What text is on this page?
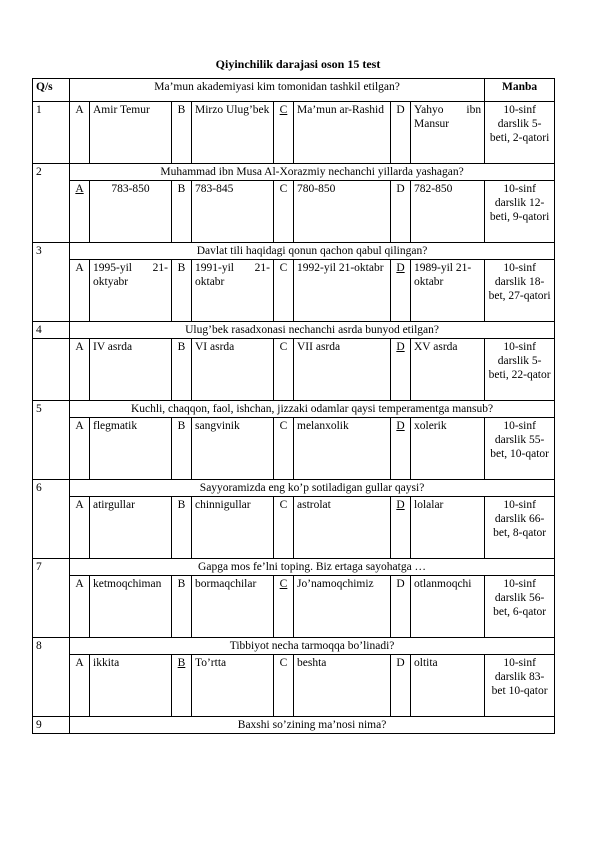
Qiyinchilik darajasi oson 15 test
Q/s	Ma’mun akademiyasi kim tomonidan tashkil etilgan?								Manba
1	A	Amir Temur	B	Mirzo Ulug’bek	C	Ma’mun ar-Rashid	D	Yahyo ibn Mansur	10-sinf darslik 5-beti, 2-qatori
2	Muhammad ibn Musa Al-Xorazmiy nechanchi yillarda yashagan?								
	A	783-850	B	783-845	C	780-850	D	782-850	10-sinf darslik 12-beti, 9-qatori
3	Davlat tili haqidagi qonun qachon qabul qilingan?								
	A	1995-yil 21-oktyabr	B	1991-yil 21-oktabr	C	1992-yil 21-oktabr	D	1989-yil 21-oktabr	10-sinf darslik 18-bet, 27-qatori
4	Ulug’bek rasadxonasi nechanchi asrda bunyod etilgan?								
	A	IV asrda	B	VI asrda	C	VII asrda	D	XV asrda	10-sinf darslik 5-beti, 22-qator
5	Kuchli, chaqqon, faol, ishchan, jizzaki odamlar qaysi temperamentga mansub?								
	A	flegmatik	B	sangvinik	C	melanxolik	D	xolerik	10-sinf darslik 55-bet, 10-qator
6	Sayyoramizda eng ko’p sotiladigan gullar qaysi?								
	A	atirgullar	B	chinnigullar	C	astrolat	D	lolalar	10-sinf darslik 66-bet, 8-qator
7	Gapga mos fe’lni toping. Biz ertaga sayohatga …								
	A	ketmoqchiman	B	bormaqchilar	C	Jo’namoqchimiz	D	otlanmoqchi	10-sinf darslik 56-bet, 6-qator
8	Tibbiyot necha tarmoqqa bo’linadi?								
	A	ikkita	B	To’rtta	C	beshta	D	oltita	10-sinf darslik 83-bet 10-qator
9	Baxshi so’zining ma’nosi nima?								
